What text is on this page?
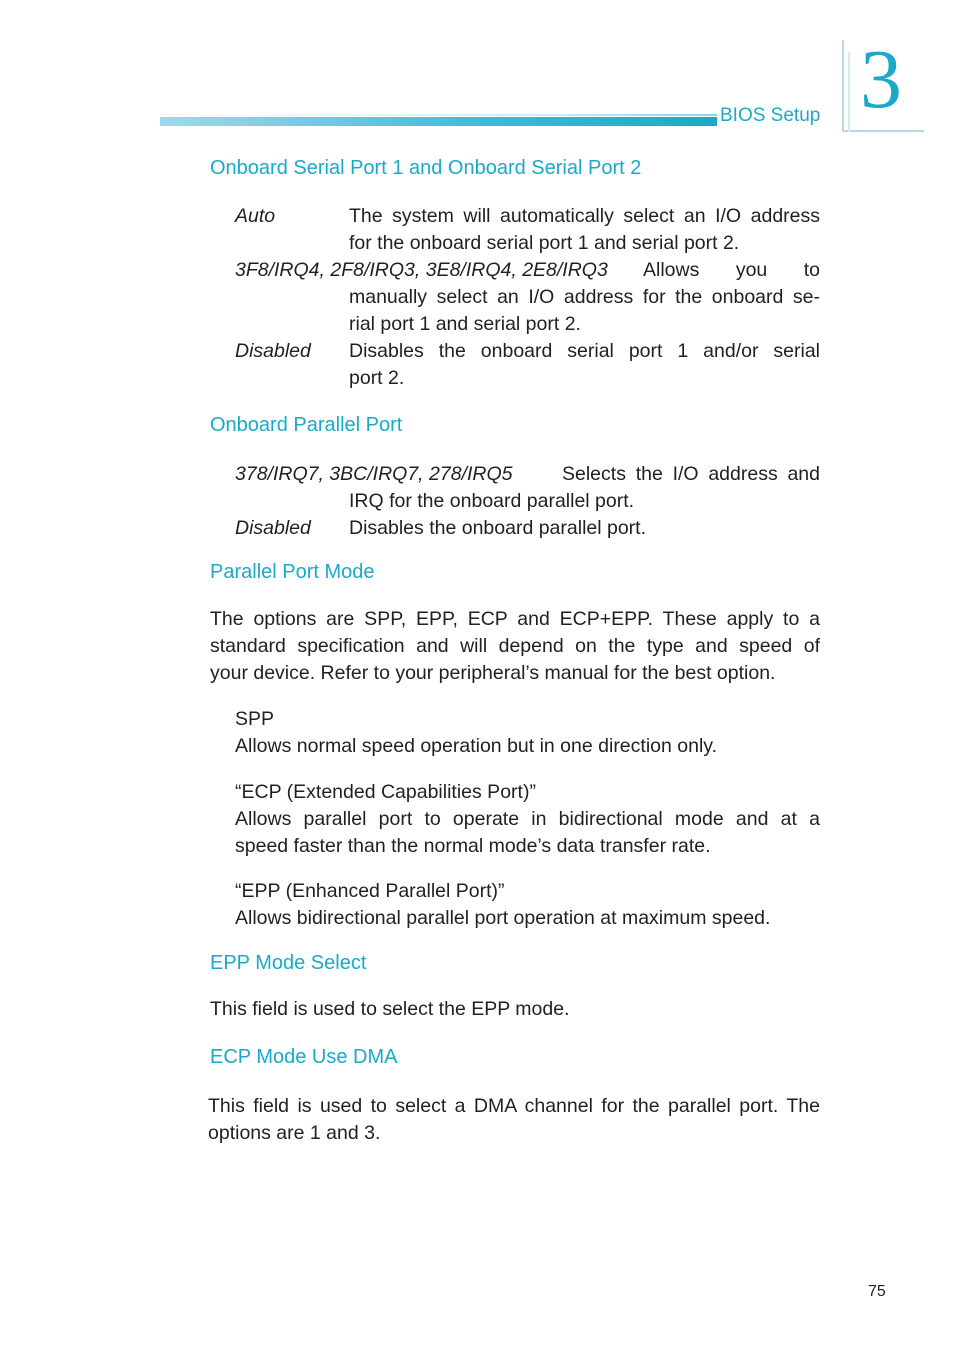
BIOS Setup 3
Onboard Serial Port 1 and Onboard Serial Port 2
Auto	The system will automatically select an I/O address
for the onboard serial port 1 and serial port 2.
3F8/IRQ4, 2F8/IRQ3, 3E8/IRQ4, 2E8/IRQ3 Allows you to
manually select an I/O address for the onboard se-
rial port 1 and serial port 2.
Disabled Disables the onboard serial port 1 and/or serial
port 2.
Onboard Parallel Port
378/IRQ7, 3BC/IRQ7, 278/IRQ5	Selects the I/O address and
IRQ for the onboard parallel port.
Disabled Disables the onboard parallel port.
Parallel Port Mode
The options are SPP, EPP, ECP and ECP+EPP. These apply to a
standard specification and will depend on the type and speed of
your device. Refer to your peripheral’s manual for the best option.
SPP
Allows normal speed operation but in one direction only.
“ECP (Extended Capabilities Port)”
Allows parallel port to operate in bidirectional mode and at a
speed faster than the normal mode’s data transfer rate.
“EPP (Enhanced Parallel Port)”
Allows bidirectional parallel port operation at maximum speed.
EPP Mode Select
This field is used to select the EPP mode.
ECP Mode Use DMA
This field is used to select a DMA channel for the parallel port. The
options are 1 and 3.
75
